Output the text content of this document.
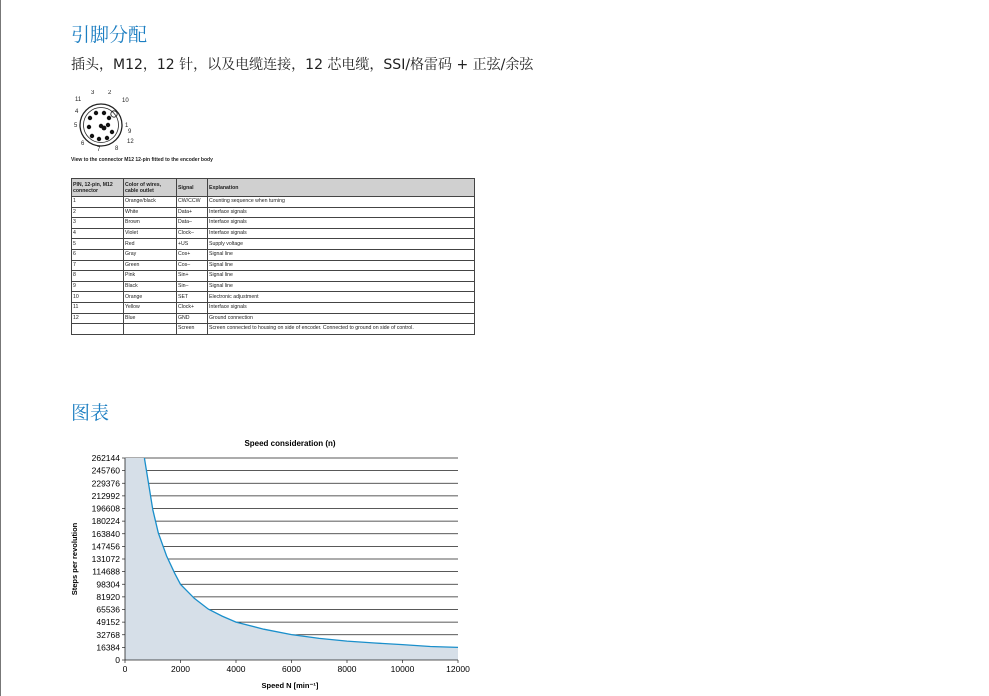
引脚分配
插头，M12，12 针，以及电缆连接，12 芯电缆，SSI/格雷码 + 正弦/余弦
1
2
3
4
5
6
7 8
9
10
11
12
View to the connector M12 12-pin fitted to the encoder body
PIN, 12-pin, M12 connector	Color of wires, cable outlet	Signal	Explanation
1	Orange/black	CW/CCW	Counting sequence when turning
2	White	Data+	Interface signals
3	Brown	Data–	Interface signals
4	Violet	Clock–	Interface signals
5	Red	+US	Supply voltage
6	Gray	Cos+	Signal line
7	Green	Cos–	Signal line
8	Pink	Sin+	Signal line
9	Black	Sin–	Signal line
10	Orange	SET	Electronic adjustment
11	Yellow	Clock+	Interface signals
12	Blue	GND	Ground connection
		Screen	Screen connected to housing on side of encoder. Connected to ground on side of control.
图表
Speed consideration (n)
0
16384
32768
49152
65536
81920
98304
114688
131072
147456
163840
180224
196608
212992
229376
245760
262144
0	2000	4000	6000	8000	10000	12000
Steps per revolution
Speed N [min⁻¹]
